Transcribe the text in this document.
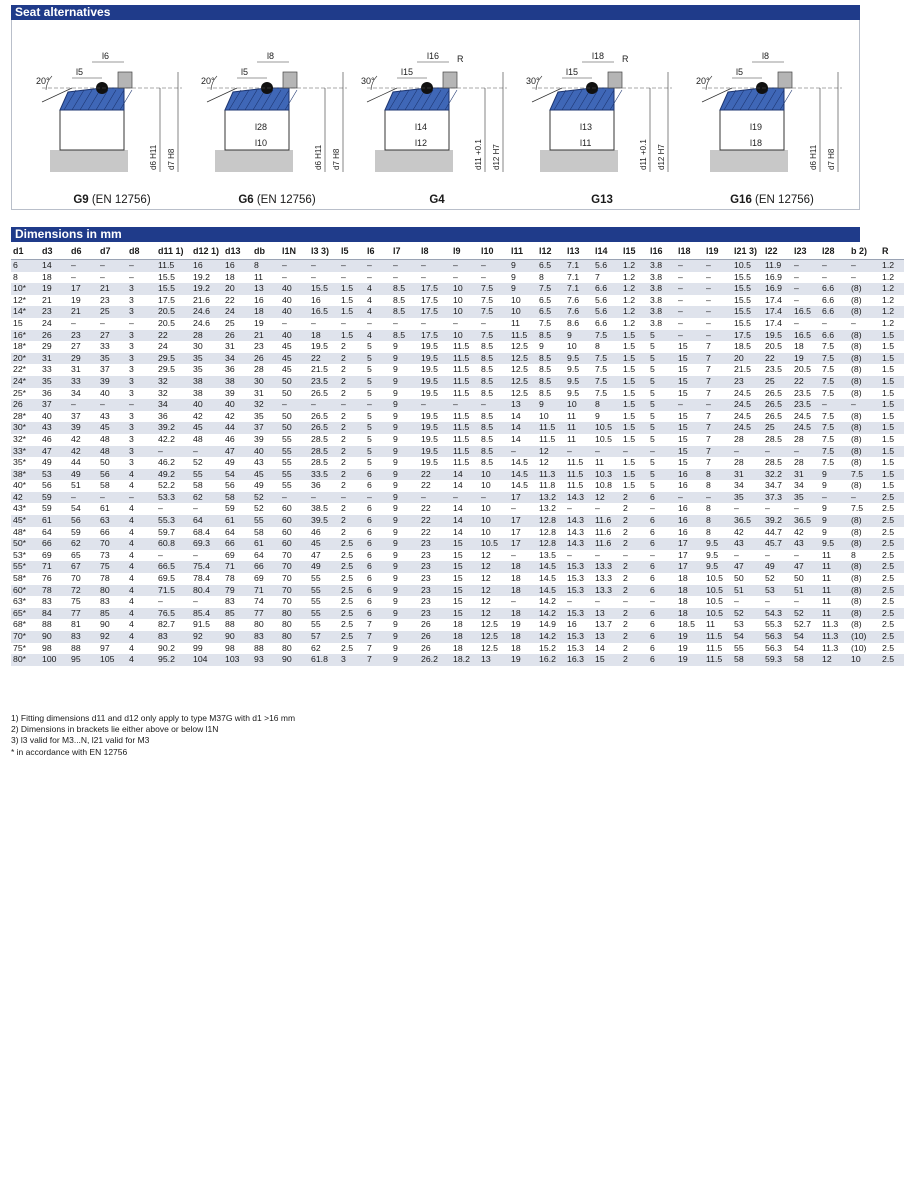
Seat alternatives
20°
l6
l5
d6 H11 d7 H8
G9 (EN 12756)
20°
l8
l5
l28
l10
d6 H11 d7 H8
G6 (EN 12756)
30°
l16
l15
l14
l12
R
d11 +0.1 d12 H7
G4
30°
l18
l15
l13
l11
R
d11 +0.1 d12 H7
G13
20°
l8
l5
l19
l18
d6 H11 d7 H8
G16 (EN 12756)
Dimensions in mm
d1	d3	d6	d7	d8	d11 1)	d12 1)	d13	db	l1N	l3 3)	l5	l6	l7	l8	l9	l10	l11	l12	l13	l14	l15	l16	l18	l19	l21 3)	l22	l23	l28	b 2)	R
6	14	–	–	–	11.5	16	16	8	–	–	–	–	–	–	–	–	9	6.5	7.1	5.6	1.2	3.8	–	–	10.5	11.9	–	–	–	1.2
8	18	–	–	–	15.5	19.2	18	11	–	–	–	–	–	–	–	–	9	8	7.1	7	1.2	3.8	–	–	15.5	16.9	–	–	–	1.2
10*	19	17	21	3	15.5	19.2	20	13	40	15.5	1.5	4	8.5	17.5	10	7.5	9	7.5	7.1	6.6	1.2	3.8	–	–	15.5	16.9	–	6.6	(8)	1.2
12*	21	19	23	3	17.5	21.6	22	16	40	16	1.5	4	8.5	17.5	10	7.5	10	6.5	7.6	5.6	1.2	3.8	–	–	15.5	17.4	–	6.6	(8)	1.2
14*	23	21	25	3	20.5	24.6	24	18	40	16.5	1.5	4	8.5	17.5	10	7.5	10	6.5	7.6	5.6	1.2	3.8	–	–	15.5	17.4	16.5	6.6	(8)	1.2
15	24	–	–	–	20.5	24.6	25	19	–	–	–	–	–	–	–	–	11	7.5	8.6	6.6	1.2	3.8	–	–	15.5	17.4	–	–	–	1.2
16*	26	23	27	3	22	28	26	21	40	18	1.5	4	8.5	17.5	10	7.5	11.5	8.5	9	7.5	1.5	5	–	–	17.5	19.5	16.5	6.6	(8)	1.5
18*	29	27	33	3	24	30	31	23	45	19.5	2	5	9	19.5	11.5	8.5	12.5	9	10	8	1.5	5	15	7	18.5	20.5	18	7.5	(8)	1.5
20*	31	29	35	3	29.5	35	34	26	45	22	2	5	9	19.5	11.5	8.5	12.5	8.5	9.5	7.5	1.5	5	15	7	20	22	19	7.5	(8)	1.5
22*	33	31	37	3	29.5	35	36	28	45	21.5	2	5	9	19.5	11.5	8.5	12.5	8.5	9.5	7.5	1.5	5	15	7	21.5	23.5	20.5	7.5	(8)	1.5
24*	35	33	39	3	32	38	38	30	50	23.5	2	5	9	19.5	11.5	8.5	12.5	8.5	9.5	7.5	1.5	5	15	7	23	25	22	7.5	(8)	1.5
25*	36	34	40	3	32	38	39	31	50	26.5	2	5	9	19.5	11.5	8.5	12.5	8.5	9.5	7.5	1.5	5	15	7	24.5	26.5	23.5	7.5	(8)	1.5
26	37	–	–	–	34	40	40	32	–	–	–	–	9	–	–	–	13	9	10	8	1.5	5	–	–	24.5	26.5	23.5	–	–	1.5
28*	40	37	43	3	36	42	42	35	50	26.5	2	5	9	19.5	11.5	8.5	14	10	11	9	1.5	5	15	7	24.5	26.5	24.5	7.5	(8)	1.5
30*	43	39	45	3	39.2	45	44	37	50	26.5	2	5	9	19.5	11.5	8.5	14	11.5	11	10.5	1.5	5	15	7	24.5	25	24.5	7.5	(8)	1.5
32*	46	42	48	3	42.2	48	46	39	55	28.5	2	5	9	19.5	11.5	8.5	14	11.5	11	10.5	1.5	5	15	7	28	28.5	28	7.5	(8)	1.5
33*	47	42	48	3	–	–	47	40	55	28.5	2	5	9	19.5	11.5	8.5	–	12	–	–	–	–	15	7	–	–	–	7.5	(8)	1.5
35*	49	44	50	3	46.2	52	49	43	55	28.5	2	5	9	19.5	11.5	8.5	14.5	12	11.5	11	1.5	5	15	7	28	28.5	28	7.5	(8)	1.5
38*	53	49	56	4	49.2	55	54	45	55	33.5	2	6	9	22	14	10	14.5	11.3	11.5	10.3	1.5	5	16	8	31	32.2	31	9	7.5	1.5
40*	56	51	58	4	52.2	58	56	49	55	36	2	6	9	22	14	10	14.5	11.8	11.5	10.8	1.5	5	16	8	34	34.7	34	9	(8)	1.5
42	59	–	–	–	53.3	62	58	52	–	–	–	–	9	–	–	–	17	13.2	14.3	12	2	6	–	–	35	37.3	35	–	–	2.5
43*	59	54	61	4	–	–	59	52	60	38.5	2	6	9	22	14	10	–	13.2	–	–	2	–	16	8	–	–	–	9	7.5	2.5
45*	61	56	63	4	55.3	64	61	55	60	39.5	2	6	9	22	14	10	17	12.8	14.3	11.6	2	6	16	8	36.5	39.2	36.5	9	(8)	2.5
48*	64	59	66	4	59.7	68.4	64	58	60	46	2	6	9	22	14	10	17	12.8	14.3	11.6	2	6	16	8	42	44.7	42	9	(8)	2.5
50*	66	62	70	4	60.8	69.3	66	61	60	45	2.5	6	9	23	15	10.5	17	12.8	14.3	11.6	2	6	17	9.5	43	45.7	43	9.5	(8)	2.5
53*	69	65	73	4	–	–	69	64	70	47	2.5	6	9	23	15	12	–	13.5	–	–	–	–	17	9.5	–	–	–	11	8	2.5
55*	71	67	75	4	66.5	75.4	71	66	70	49	2.5	6	9	23	15	12	18	14.5	15.3	13.3	2	6	17	9.5	47	49	47	11	(8)	2.5
58*	76	70	78	4	69.5	78.4	78	69	70	55	2.5	6	9	23	15	12	18	14.5	15.3	13.3	2	6	18	10.5	50	52	50	11	(8)	2.5
60*	78	72	80	4	71.5	80.4	79	71	70	55	2.5	6	9	23	15	12	18	14.5	15.3	13.3	2	6	18	10.5	51	53	51	11	(8)	2.5
63*	83	75	83	4	–	–	83	74	70	55	2.5	6	9	23	15	12	–	14.2	–	–	–	–	18	10.5	–	–	–	11	(8)	2.5
65*	84	77	85	4	76.5	85.4	85	77	80	55	2.5	6	9	23	15	12	18	14.2	15.3	13	2	6	18	10.5	52	54.3	52	11	(8)	2.5
68*	88	81	90	4	82.7	91.5	88	80	80	55	2.5	7	9	26	18	12.5	19	14.9	16	13.7	2	6	18.5	11	53	55.3	52.7	11.3	(8)	2.5
70*	90	83	92	4	83	92	90	83	80	57	2.5	7	9	26	18	12.5	18	14.2	15.3	13	2	6	19	11.5	54	56.3	54	11.3	(10)	2.5
75*	98	88	97	4	90.2	99	98	88	80	62	2.5	7	9	26	18	12.5	18	15.2	15.3	14	2	6	19	11.5	55	56.3	54	11.3	(10)	2.5
80*	100	95	105	4	95.2	104	103	93	90	61.8	3	7	9	26.2	18.2	13	19	16.2	16.3	15	2	6	19	11.5	58	59.3	58	12	10	2.5
1) Fitting dimensions d11 and d12 only apply to type M37G with d1 >16 mm
2) Dimensions in brackets lie either above or below l1N
3) l3 valid for M3...N, l21 valid for M3
* in accordance with EN 12756
